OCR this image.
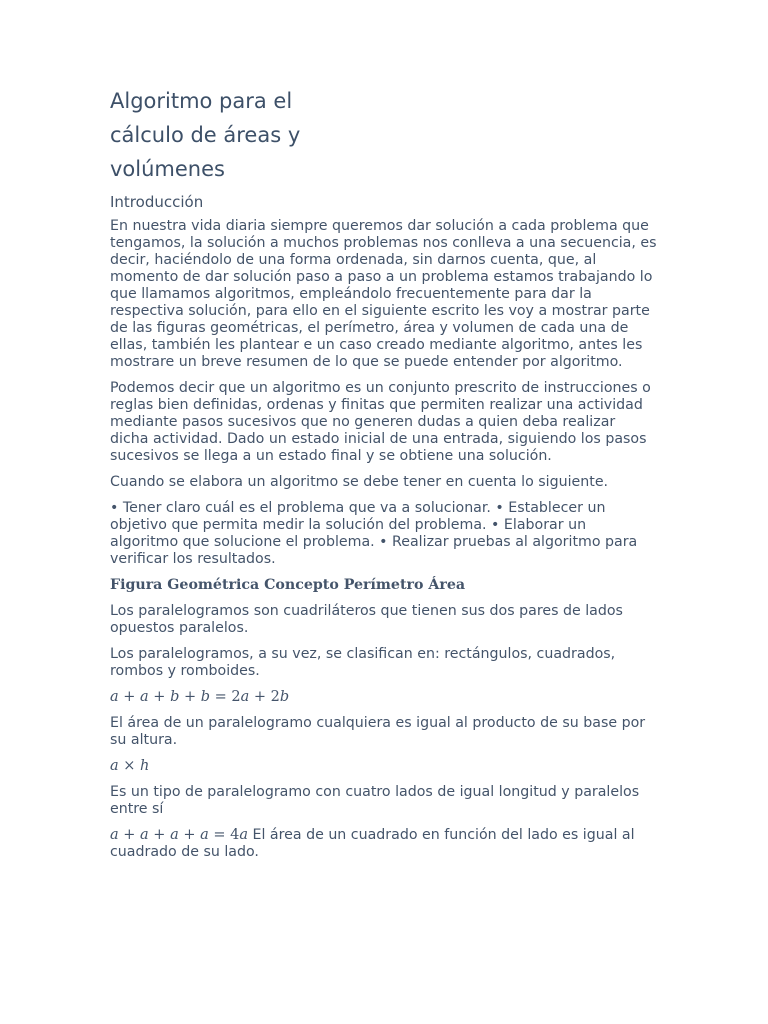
Algoritmo para el cálculo de áreas y volúmenes
Introducción

En nuestra vida diaria siempre queremos dar solución a cada problema que tengamos, la solución a muchos problemas nos conlleva a una secuencia, es decir, haciéndolo de una forma ordenada, sin darnos cuenta, que, al momento de dar solución paso a paso a un problema estamos trabajando lo que llamamos algoritmos, empleándolo frecuentemente para dar la respectiva solución, para ello en el siguiente escrito les voy a mostrar parte de las figuras geométricas, el perímetro, área y volumen de cada una de ellas, también les plantear e un caso creado mediante algoritmo, antes les mostrare un breve resumen de lo que se puede entender por algoritmo.

Podemos decir que un algoritmo es un conjunto prescrito de instrucciones o reglas bien definidas, ordenas y finitas que permiten realizar una actividad mediante pasos sucesivos que no generen dudas a quien deba realizar dicha actividad. Dado un estado inicial de una entrada, siguiendo los pasos sucesivos se llega a un estado final y se obtiene una solución.

Cuando se elabora un algoritmo se debe tener en cuenta lo siguiente.

• Tener claro cuál es el problema que va a solucionar. • Establecer un objetivo que permita medir la solución del problema. • Elaborar un algoritmo que solucione el problema. • Realizar pruebas al algoritmo para verificar los resultados.

Figura Geométrica Concepto Perímetro Área

Los paralelogramos son cuadriláteros que tienen sus dos pares de lados opuestos paralelos.

Los paralelogramos, a su vez, se clasifican en: rectángulos, cuadrados, rombos y romboides.

a + a + b + b = 2a + 2b

El área de un paralelogramo cualquiera es igual al producto de su base por su altura.

a × h

Es un tipo de paralelogramo con cuatro lados de igual longitud y paralelos entre sí

a + a + a + a = 4a El área de un cuadrado en función del lado es igual al cuadrado de su lado.
